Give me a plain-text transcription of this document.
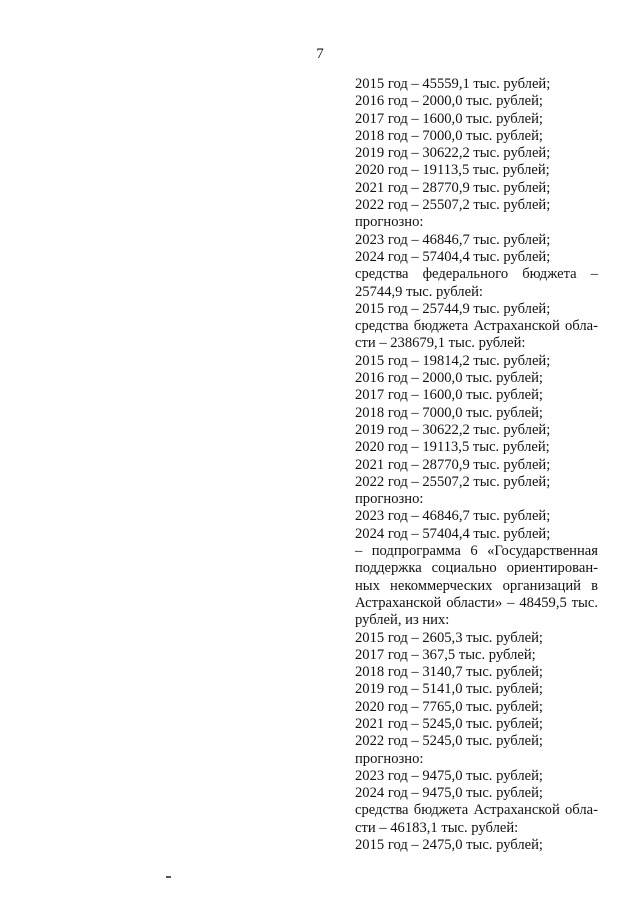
7
2015 год – 45559,1 тыс. рублей;
2016 год – 2000,0 тыс. рублей;
2017 год – 1600,0 тыс. рублей;
2018 год – 7000,0 тыс. рублей;
2019 год – 30622,2 тыс. рублей;
2020 год – 19113,5 тыс. рублей;
2021 год – 28770,9 тыс. рублей;
2022 год – 25507,2 тыс. рублей;
прогнозно:
2023 год – 46846,7 тыс. рублей;
2024 год – 57404,4 тыс. рублей;
средства федерального бюджета –
25744,9 тыс. рублей:
2015 год – 25744,9 тыс. рублей;
средства бюджета Астраханской обла-
сти – 238679,1 тыс. рублей:
2015 год – 19814,2 тыс. рублей;
2016 год – 2000,0 тыс. рублей;
2017 год – 1600,0 тыс. рублей;
2018 год – 7000,0 тыс. рублей;
2019 год – 30622,2 тыс. рублей;
2020 год – 19113,5 тыс. рублей;
2021 год – 28770,9 тыс. рублей;
2022 год – 25507,2 тыс. рублей;
прогнозно:
2023 год – 46846,7 тыс. рублей;
2024 год – 57404,4 тыс. рублей;
– подпрограмма 6 «Государственная
поддержка социально ориентирован-
ных некоммерческих организаций в
Астраханской области» – 48459,5 тыс.
рублей, из них:
2015 год – 2605,3 тыс. рублей;
2017 год – 367,5 тыс. рублей;
2018 год – 3140,7 тыс. рублей;
2019 год – 5141,0 тыс. рублей;
2020 год – 7765,0 тыс. рублей;
2021 год – 5245,0 тыс. рублей;
2022 год – 5245,0 тыс. рублей;
прогнозно:
2023 год – 9475,0 тыс. рублей;
2024 год – 9475,0 тыс. рублей;
средства бюджета Астраханской обла-
сти – 46183,1 тыс. рублей:
2015 год – 2475,0 тыс. рублей;
